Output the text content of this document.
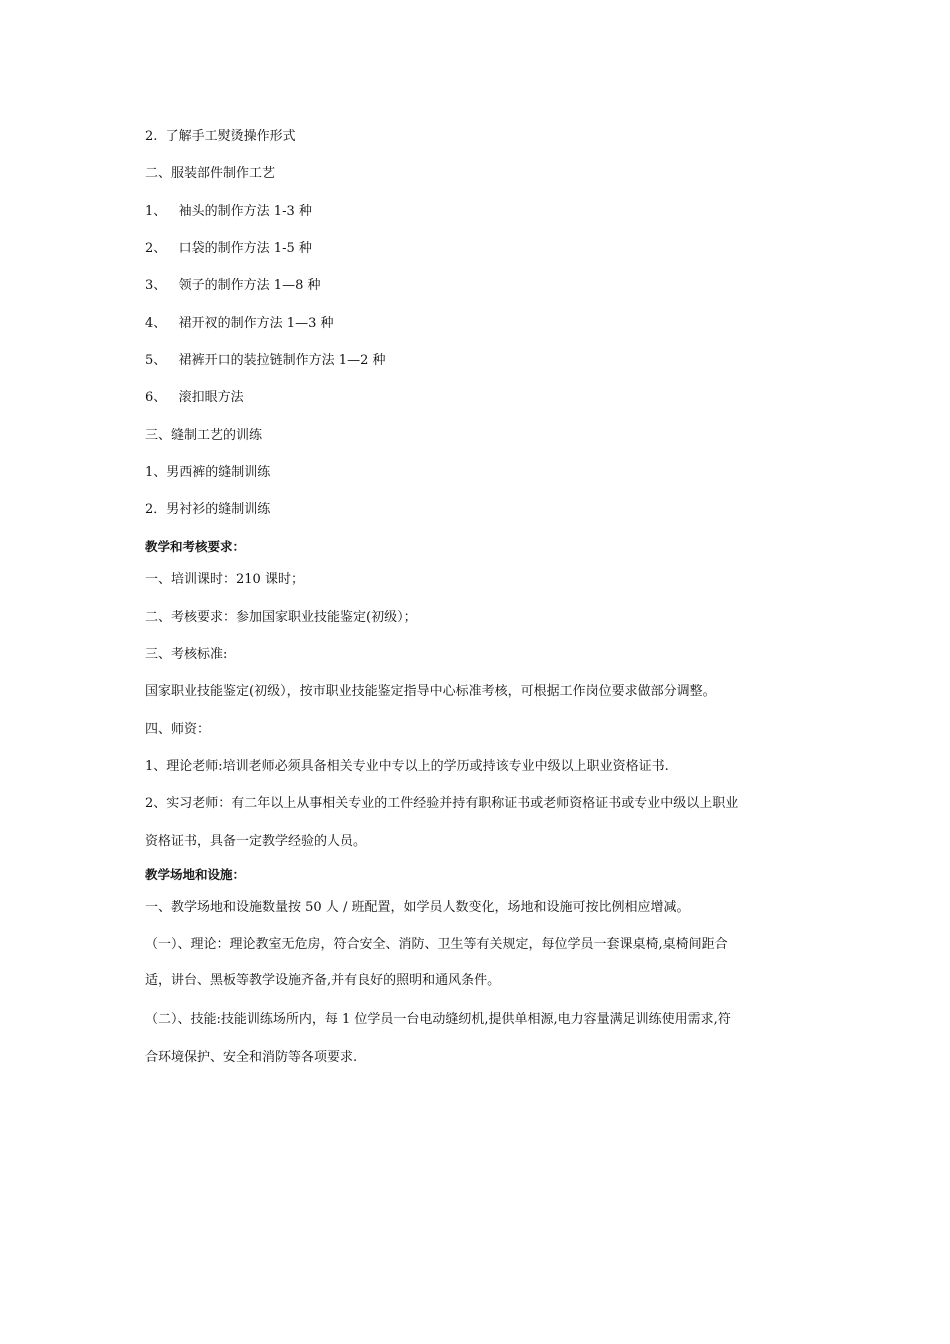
2.  了解手工熨烫操作形式
二、服装部件制作工艺
1、   袖头的制作方法 1-3 种
2、   口袋的制作方法 1-5 种
3、   领子的制作方法 1—8 种
4、   裙开衩的制作方法 1—3 种
5、   裙裤开口的装拉链制作方法 1—2 种
6、   滚扣眼方法
三、缝制工艺的训练
1、男西裤的缝制训练
2．男衬衫的缝制训练
教学和考核要求：
一、培训课时：210 课时；
二、考核要求：参加国家职业技能鉴定(初级）；
三、考核标准:
国家职业技能鉴定(初级），按市职业技能鉴定指导中心标准考核，可根据工作岗位要求做部分调整。
四、师资：
1、理论老师:培训老师必须具备相关专业中专以上的学历或持该专业中级以上职业资格证书.
2、实习老师：有二年以上从事相关专业的工件经验并持有职称证书或老师资格证书或专业中级以上职业
资格证书，具备一定教学经验的人员。
教学场地和设施：
一、教学场地和设施数量按 50 人 / 班配置，如学员人数变化，场地和设施可按比例相应增减。
（一）、理论：理论教室无危房，符合安全、消防、卫生等有关规定，每位学员一套课桌椅,桌椅间距合
适，讲台、黑板等教学设施齐备,并有良好的照明和通风条件。
（二）、技能:技能训练场所内，每 1 位学员一台电动缝纫机,提供单相源,电力容量满足训练使用需求,符
合环境保护、安全和消防等各项要求.
